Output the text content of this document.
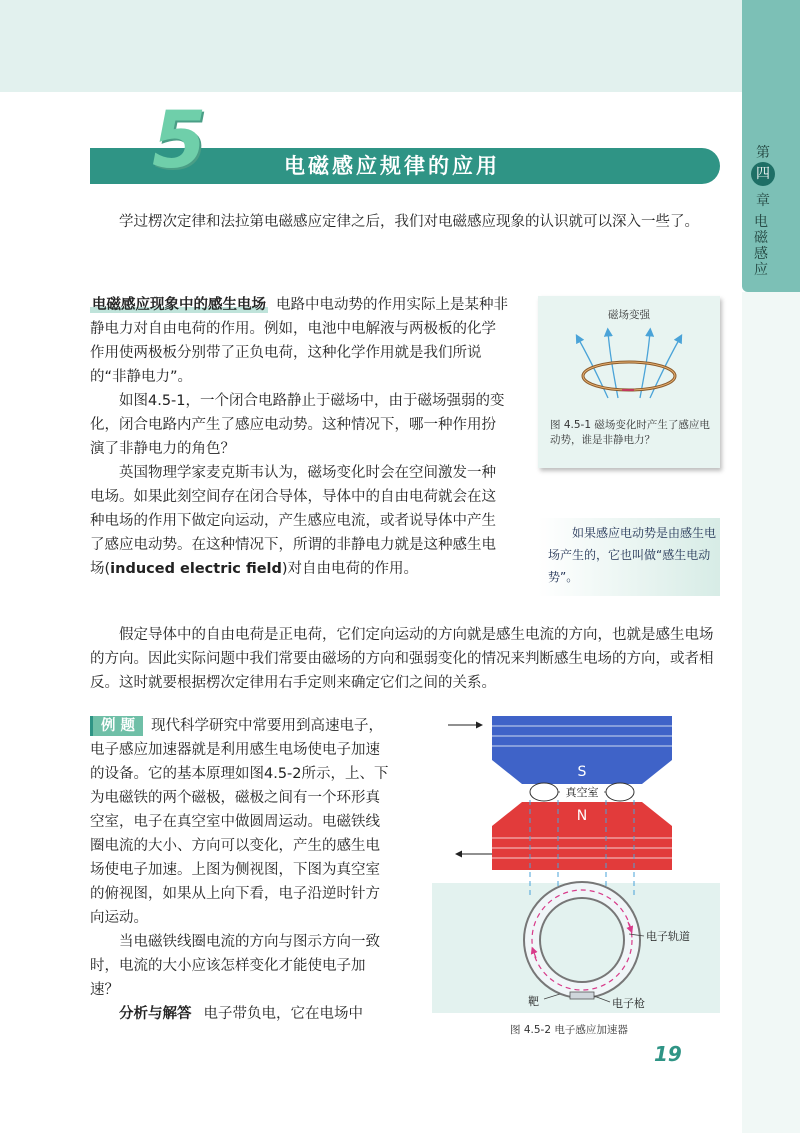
第
四
章
电磁感应
5	电磁感应规律的应用

学过楞次定律和法拉第电磁感应定律之后，我们对电磁感应现象的认识就可以深入一些了。

电磁感应现象中的感生电场 电路中电动势的作用实际上是某种非静电力对自由电荷的作用。例如，电池中电解液与两极板的化学作用使两极板分别带了正负电荷，这种化学作用就是我们所说的“非静电力”。

如图4.5-1，一个闭合电路静止于磁场中，由于磁场强弱的变化，闭合电路内产生了感应电动势。这种情况下，哪一种作用扮演了非静电力的角色？

英国物理学家麦克斯韦认为，磁场变化时会在空间激发一种电场。如果此刻空间存在闭合导体，导体中的自由电荷就会在这种电场的作用下做定向运动，产生感应电流，或者说导体中产生了感应电动势。在这种情况下，所谓的非静电力就是这种感生电场(induced electric field)对自由电荷的作用。

磁场变强
图 4.5-1 磁场变化时产生了感应电动势，谁是非静电力？
如果感应电动势是由感生电场产生的，它也叫做“感生电动势”。

假定导体中的自由电荷是正电荷，它们定向运动的方向就是感生电流的方向，也就是感生电场的方向。因此实际问题中我们常要由磁场的方向和强弱变化的情况来判断感生电场的方向，或者相反。这时就要根据楞次定律用右手定则来确定它们之间的关系。

例 题 现代科学研究中常要用到高速电子，电子感应加速器就是利用感生电场使电子加速的设备。它的基本原理如图4.5-2所示，上、下为电磁铁的两个磁极，磁极之间有一个环形真空室，电子在真空室中做圆周运动。电磁铁线圈电流的大小、方向可以变化，产生的感生电场使电子加速。上图为侧视图，下图为真空室的俯视图，如果从上向下看，电子沿逆时针方向运动。

当电磁铁线圈电流的方向与图示方向一致时，电流的大小应该怎样变化才能使电子加速？

分析与解答 电子带负电，它在电场中

S
真空室
N
电子轨道
靶	电子枪
图 4.5-2 电子感应加速器
19
